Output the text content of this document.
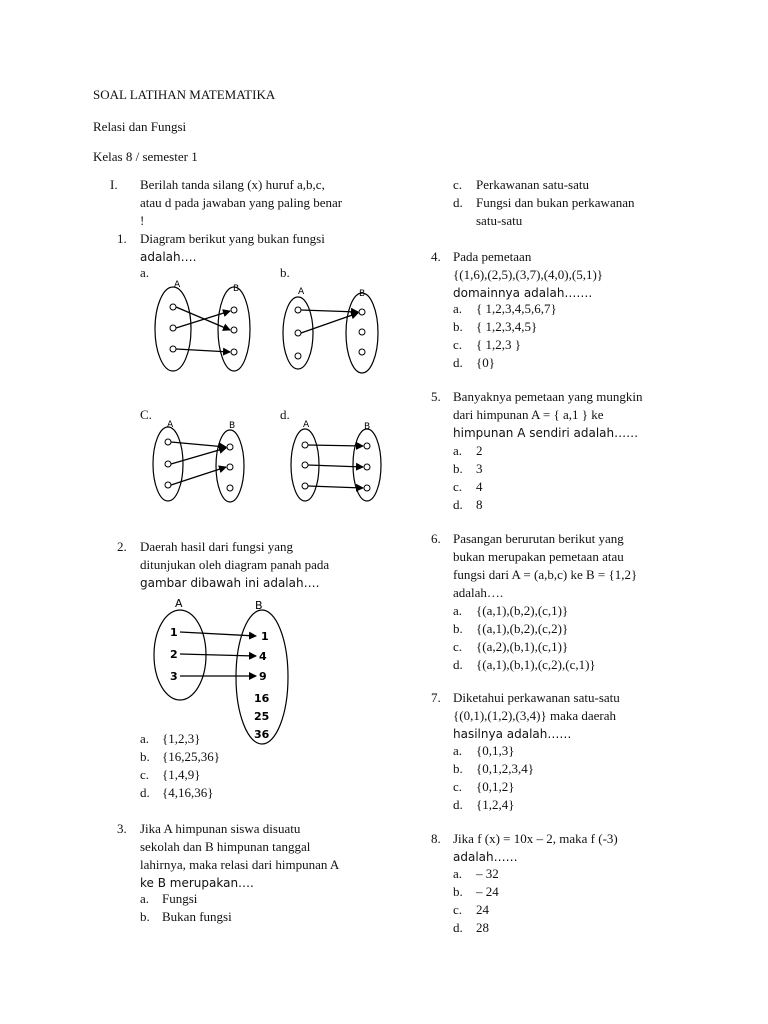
SOAL LATIHAN MATEMATIKA
Relasi dan Fungsi
Kelas 8 / semester 1
I. Berilah tanda silang (x) huruf a,b,c,
atau d pada jawaban yang paling benar
!
1. Diagram berikut yang bukan fungsi
adalah….
a.	b.
C.	d.
A	B	A	B
A	B	A	B
A	B
1
2
3
1
4
9
16
25
36
2. Daerah hasil dari fungsi yang
ditunjukan oleh diagram panah pada
gambar dibawah ini adalah….
a. {1,2,3}
b. {16,25,36}
c. {1,4,9}
d. {4,16,36}
3. Jika A himpunan siswa disuatu
sekolah dan B himpunan tanggal
lahirnya, maka relasi dari himpunan A
ke B merupakan….
a. Fungsi
b. Bukan fungsi
c. Perkawanan satu-satu
d. Fungsi dan bukan perkawanan
satu-satu
4. Pada pemetaan
{(1,6),(2,5),(3,7),(4,0),(5,1)}
domainnya adalah…….
a. { 1,2,3,4,5,6,7}
b. { 1,2,3,4,5}
c. { 1,2,3 }
d. {0}
5. Banyaknya pemetaan yang mungkin
dari himpunan A = { a,1 } ke
himpunan A sendiri adalah……
a. 2
b. 3
c. 4
d. 8
6. Pasangan berurutan berikut yang
bukan merupakan pemetaan atau
fungsi dari A = (a,b,c) ke B = {1,2}
adalah….
a. {(a,1),(b,2),(c,1)}
b. {(a,1),(b,2),(c,2)}
c. {(a,2),(b,1),(c,1)}
d. {(a,1),(b,1),(c,2),(c,1)}
7. Diketahui perkawanan satu-satu
{(0,1),(1,2),(3,4)} maka daerah
hasilnya adalah……
a. {0,1,3}
b. {0,1,2,3,4}
c. {0,1,2}
d. {1,2,4}
8. Jika f (x) = 10x – 2, maka f (-3)
adalah……
a. – 32
b. – 24
c. 24
d. 28
